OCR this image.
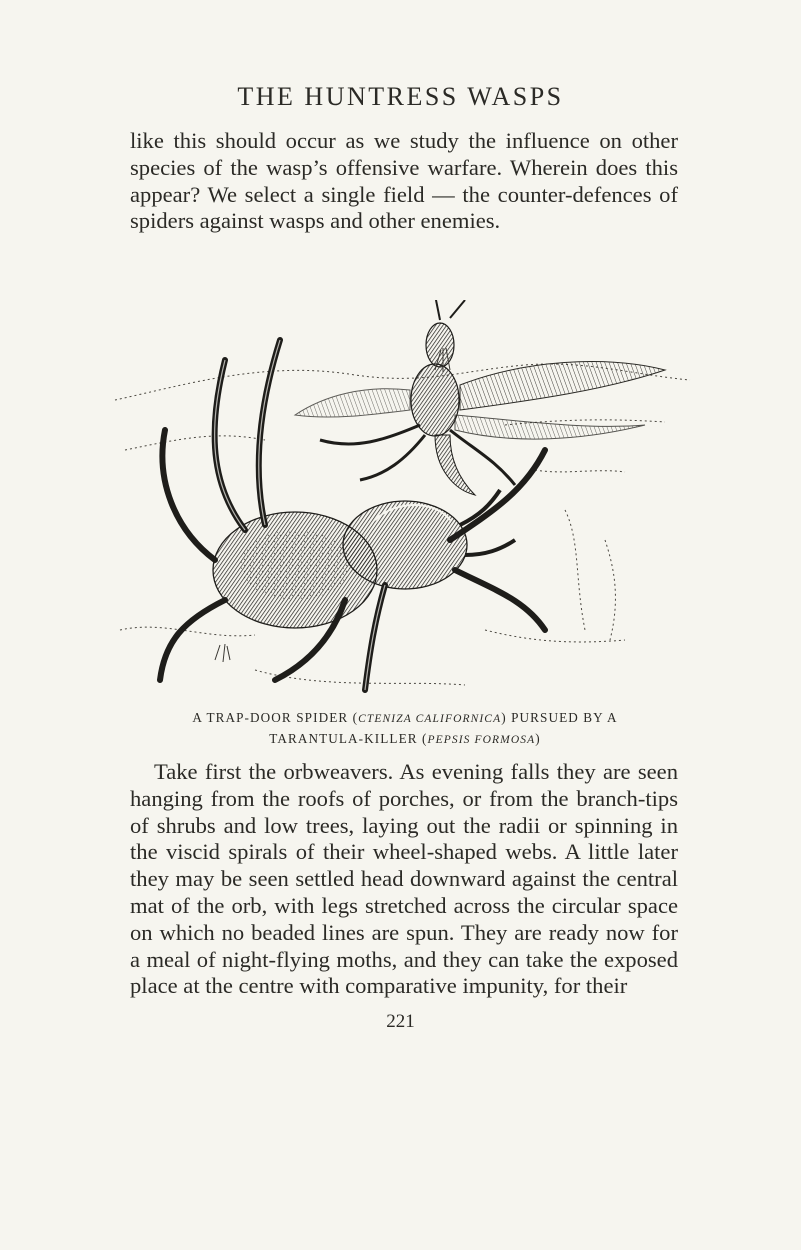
THE HUNTRESS WASPS

like this should occur as we study the influence on other species of the wasp’s offensive warfare. Wherein does this appear? We select a single field — the counter-defences of spiders against wasps and other enemies.

A TRAP-DOOR SPIDER (CTENIZA CALIFORNICA) PURSUED BY A
TARANTULA-KILLER (PEPSIS FORMOSA)

Take first the orbweavers. As evening falls they are seen hanging from the roofs of porches, or from the branch-tips of shrubs and low trees, laying out the radii or spinning in the viscid spirals of their wheel-shaped webs. A little later they may be seen settled head downward against the central mat of the orb, with legs stretched across the circular space on which no beaded lines are spun. They are ready now for a meal of night-flying moths, and they can take the exposed place at the centre with comparative impunity, for their

221
